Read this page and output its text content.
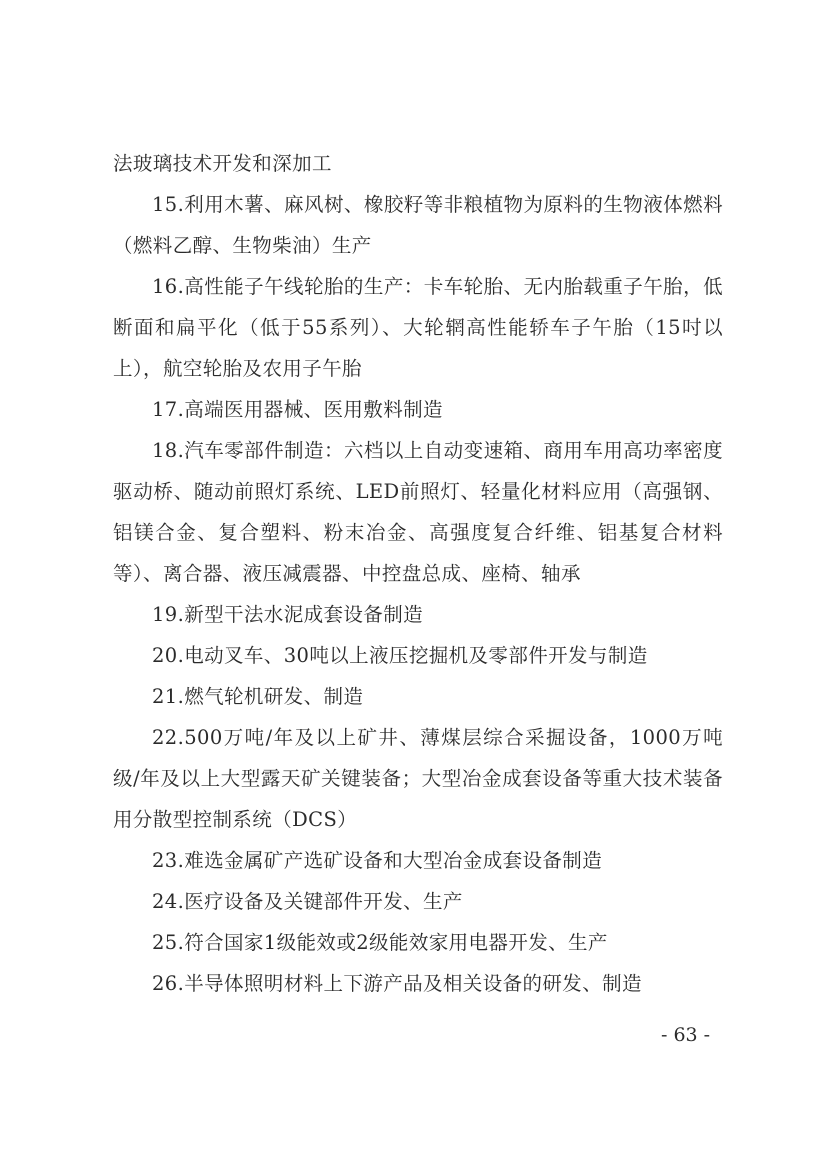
法玻璃技术开发和深加工

15.利用木薯、麻风树、橡胶籽等非粮植物为原料的生物液体燃料（燃料乙醇、生物柴油）生产

16.高性能子午线轮胎的生产：卡车轮胎、无内胎载重子午胎，低断面和扁平化（低于55系列）、大轮辋高性能轿车子午胎（15吋以上），航空轮胎及农用子午胎

17.高端医用器械、医用敷料制造

18.汽车零部件制造：六档以上自动变速箱、商用车用高功率密度驱动桥、随动前照灯系统、LED前照灯、轻量化材料应用（高强钢、铝镁合金、复合塑料、粉末冶金、高强度复合纤维、铝基复合材料等）、离合器、液压减震器、中控盘总成、座椅、轴承

19.新型干法水泥成套设备制造

20.电动叉车、30吨以上液压挖掘机及零部件开发与制造

21.燃气轮机研发、制造

22.500万吨/年及以上矿井、薄煤层综合采掘设备，1000万吨级/年及以上大型露天矿关键装备；大型冶金成套设备等重大技术装备用分散型控制系统（DCS）

23.难选金属矿产选矿设备和大型冶金成套设备制造

24.医疗设备及关键部件开发、生产

25.符合国家1级能效或2级能效家用电器开发、生产

26.半导体照明材料上下游产品及相关设备的研发、制造

- 63 -
